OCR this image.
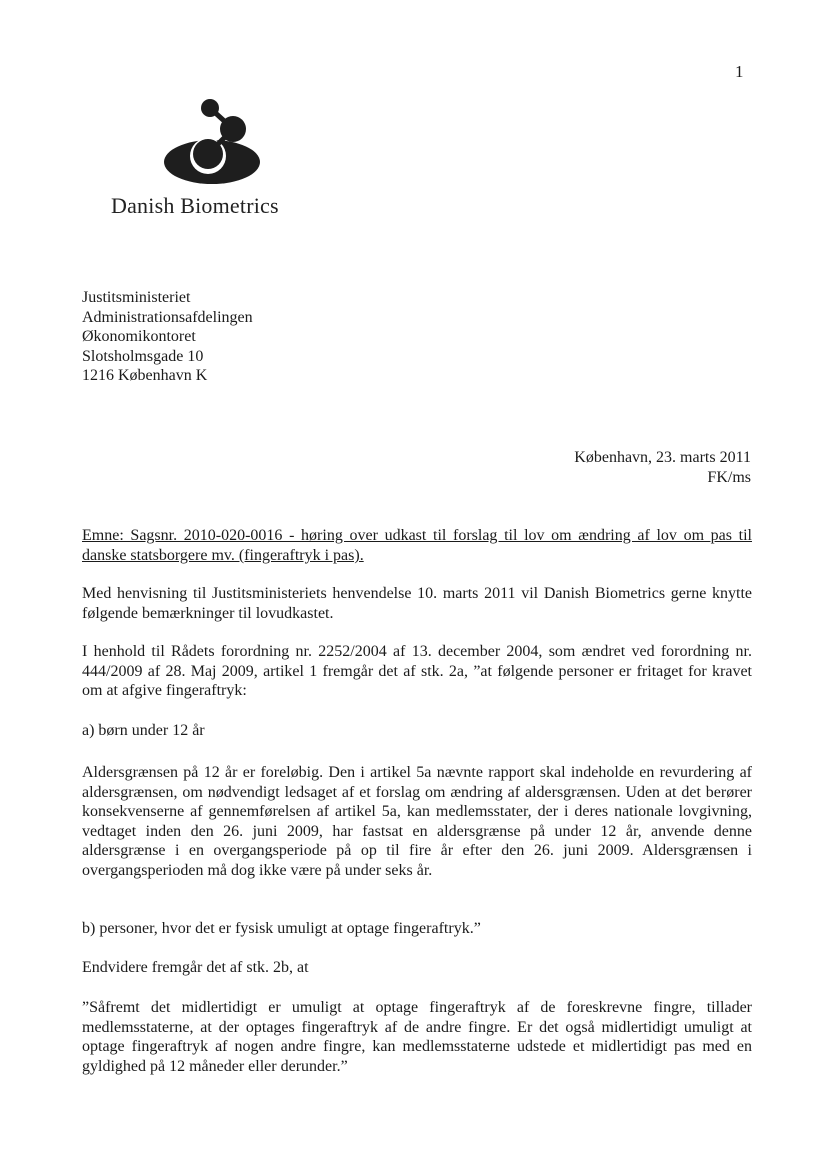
1
Danish Biometrics
Justitsministeriet
Administrationsafdelingen
Økonomikontoret
Slotsholmsgade 10
1216 København K
København, 23. marts 2011
FK/ms
Emne: Sagsnr. 2010-020-0016 - høring over udkast til forslag til lov om ændring af lov om pas til danske statsborgere mv. (fingeraftryk i pas).
Med henvisning til Justitsministeriets henvendelse 10. marts 2011 vil Danish Biometrics gerne knytte følgende bemærkninger til lovudkastet.
I henhold til Rådets forordning nr. 2252/2004 af 13. december 2004, som ændret ved forordning nr. 444/2009 af 28. Maj 2009, artikel 1 fremgår det af stk. 2a, ”at følgende personer er fritaget for kravet om at afgive fingeraftryk:
a) børn under 12 år
Aldersgrænsen på 12 år er foreløbig. Den i artikel 5a nævnte rapport skal indeholde en revurdering af aldersgrænsen, om nødvendigt ledsaget af et forslag om ændring af aldersgrænsen. Uden at det berører konsekvenserne af gennemførelsen af artikel 5a, kan medlemsstater, der i deres nationale lovgivning, vedtaget inden den 26. juni 2009, har fastsat en aldersgrænse på under 12 år, anvende denne aldersgrænse i en overgangsperiode på op til fire år efter den 26. juni 2009. Aldersgrænsen i overgangsperioden må dog ikke være på under seks år.
b) personer, hvor det er fysisk umuligt at optage fingeraftryk.”
Endvidere fremgår det af stk. 2b, at
”Såfremt det midlertidigt er umuligt at optage fingeraftryk af de foreskrevne fingre, tillader medlemsstaterne, at der optages fingeraftryk af de andre fingre. Er det også midlertidigt umuligt at optage fingeraftryk af nogen andre fingre, kan medlemsstaterne udstede et midlertidigt pas med en gyldighed på 12 måneder eller derunder.”
